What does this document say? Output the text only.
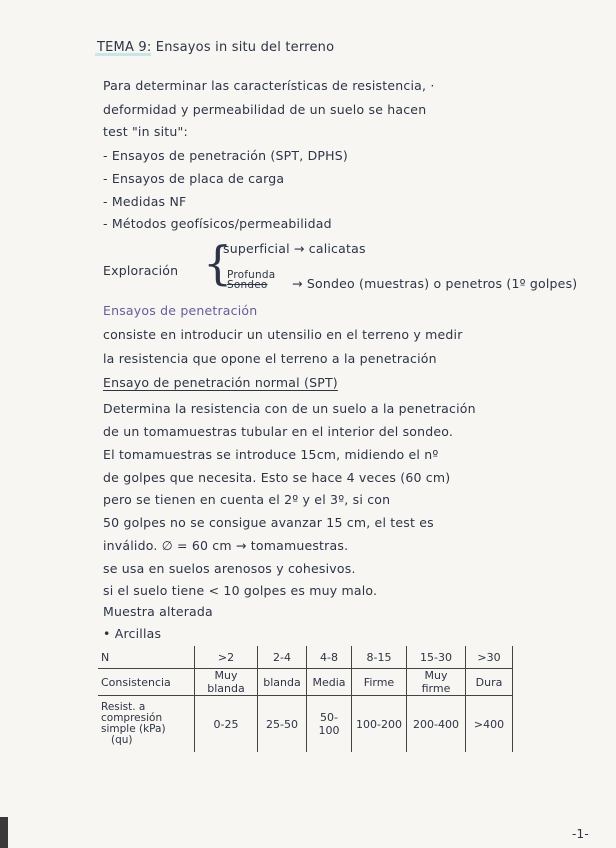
TEMA 9: Ensayos in situ del terreno
Para determinar las características de resistencia, ·
deformidad y permeabilidad de un suelo se hacen
test "in situ":
- Ensayos de penetración (SPT, DPHS)
- Ensayos de placa de carga
- Medidas NF
- Métodos geofísicos/permeabilidad
Exploración {
superficial → calicatas
Profunda
Sondeo → Sondeo (muestras) o penetros (1º golpes)
Ensayos de penetración
consiste en introducir un utensilio en el terreno y medir
la resistencia que opone el terreno a la penetración
Ensayo de penetración normal (SPT)
Determina la resistencia con de un suelo a la penetración
de un tomamuestras tubular en el interior del sondeo.
El tomamuestras se introduce 15cm, midiendo el nº
de golpes que necesita. Esto se hace 4 veces (60 cm)
pero se tienen en cuenta el 2º y el 3º, si con
50 golpes no se consigue avanzar 15 cm, el test es
inválido. ∅ = 60 cm → tomamuestras.
se usa en suelos arenosos y cohesivos.
si el suelo tiene < 10 golpes es muy malo.
Muestra alterada
• Arcillas
N	>2	2-4	4-8	8-15	15-30	>30
Consistencia	Muy blanda	blanda	Media	Firme	Muy firme	Dura

Resist. a
compresión
simple (kPa)
(qu)	0-25	25-50	50-100	100-200	200-400	>400
-1-
